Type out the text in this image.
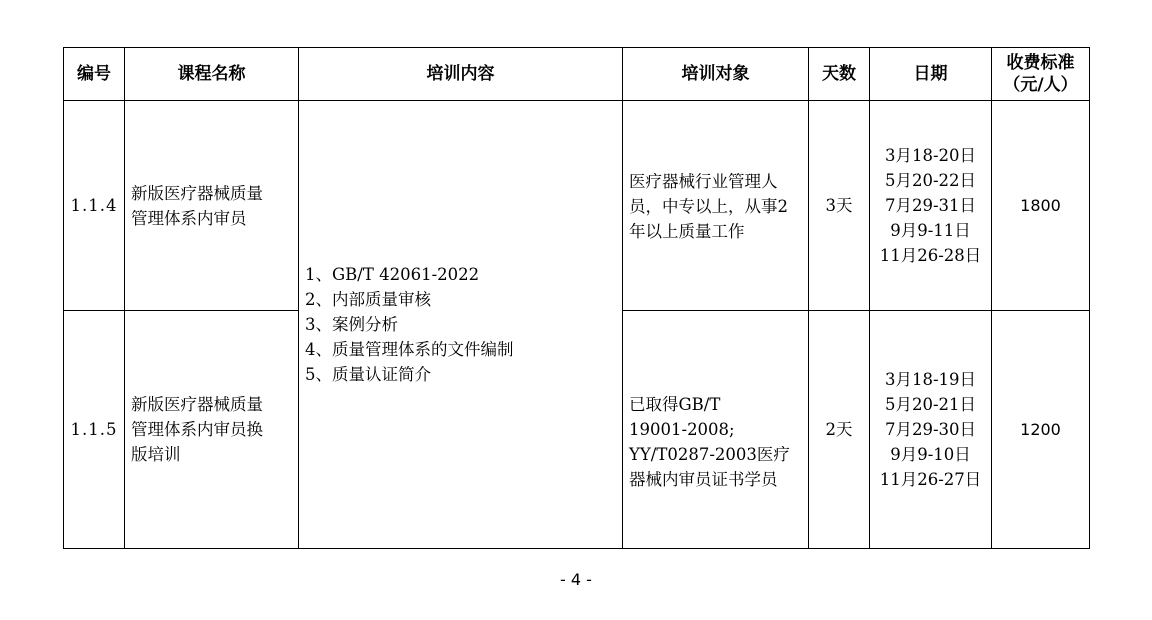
编号	课程名称	培训内容	培训对象	天数	日期	收费标准
（元/人）

1.1.4	新版医疗器械质量
管理体系内审员	1、GB/T 42061-2022
2、内部质量审核
3、案例分析
4、质量管理体系的文件编制
5、质量认证简介	医疗器械行业管理人
员，中专以上，从事2
年以上质量工作	3天	3月18-20日
5月20-22日
7月29-31日
9月9-11日
11月26-28日	1800
1.1.5	新版医疗器械质量
管理体系内审员换
版培训		已取得GB/T
19001-2008;
YY/T0287-2003医疗
器械内审员证书学员	2天	3月18-19日
5月20-21日
7月29-30日
9月9-10日
11月26-27日	1200
- 4 -
